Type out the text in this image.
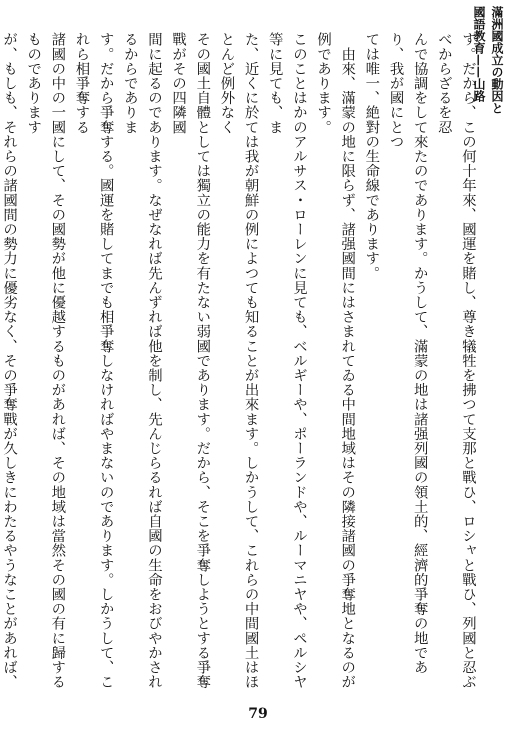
滿洲國成立の動因と國語教育——山路
す。だから、この何十年來、國運を賭し、尊き犠牲を拂つて支那と戰ひ、ロシャと戰ひ、列國と忍ぶべからざるを忍
んで協調をして來たのであります。かうして、滿蒙の地は諸强列國の領土的、經濟的爭奪の地であり、我が國にとつ
ては唯一、絶對の生命線であります。
　由來、滿蒙の地に限らず、諸强國間にはさまれてゐる中間地域はその隣接諸國の爭奪地となるのが例であります。
このことはかのアルサス・ローレンに見ても、ベルギーや、ポーランドや、ルーマニヤや、ペルシヤ等に見ても、ま
た、近くに於ては我が朝鮮の例によつても知ることが出來ます。しかうして、これらの中間國土はほとんど例外なく
その國土自體としては獨立の能力を有たない弱國であります。だから、そこを爭奪しようとする爭奪戰がその四隣國
間に起るのであります。なぜなれば先んずれば他を制し、先んじらるれば自國の生命をおびやかされるからでありま
す。だから爭奪する。國運を賭してまでも相爭奪しなければやまないのであります。しかうして、これら相爭奪する
諸國の中の一國にして、その國勢が他に優越するものがあれば、その地域は當然その國の有に歸するものであります
が、もしも、それらの諸國間の勢力に優劣なく、その爭奪戰が久しきにわたるやうなことがあれば、
79
